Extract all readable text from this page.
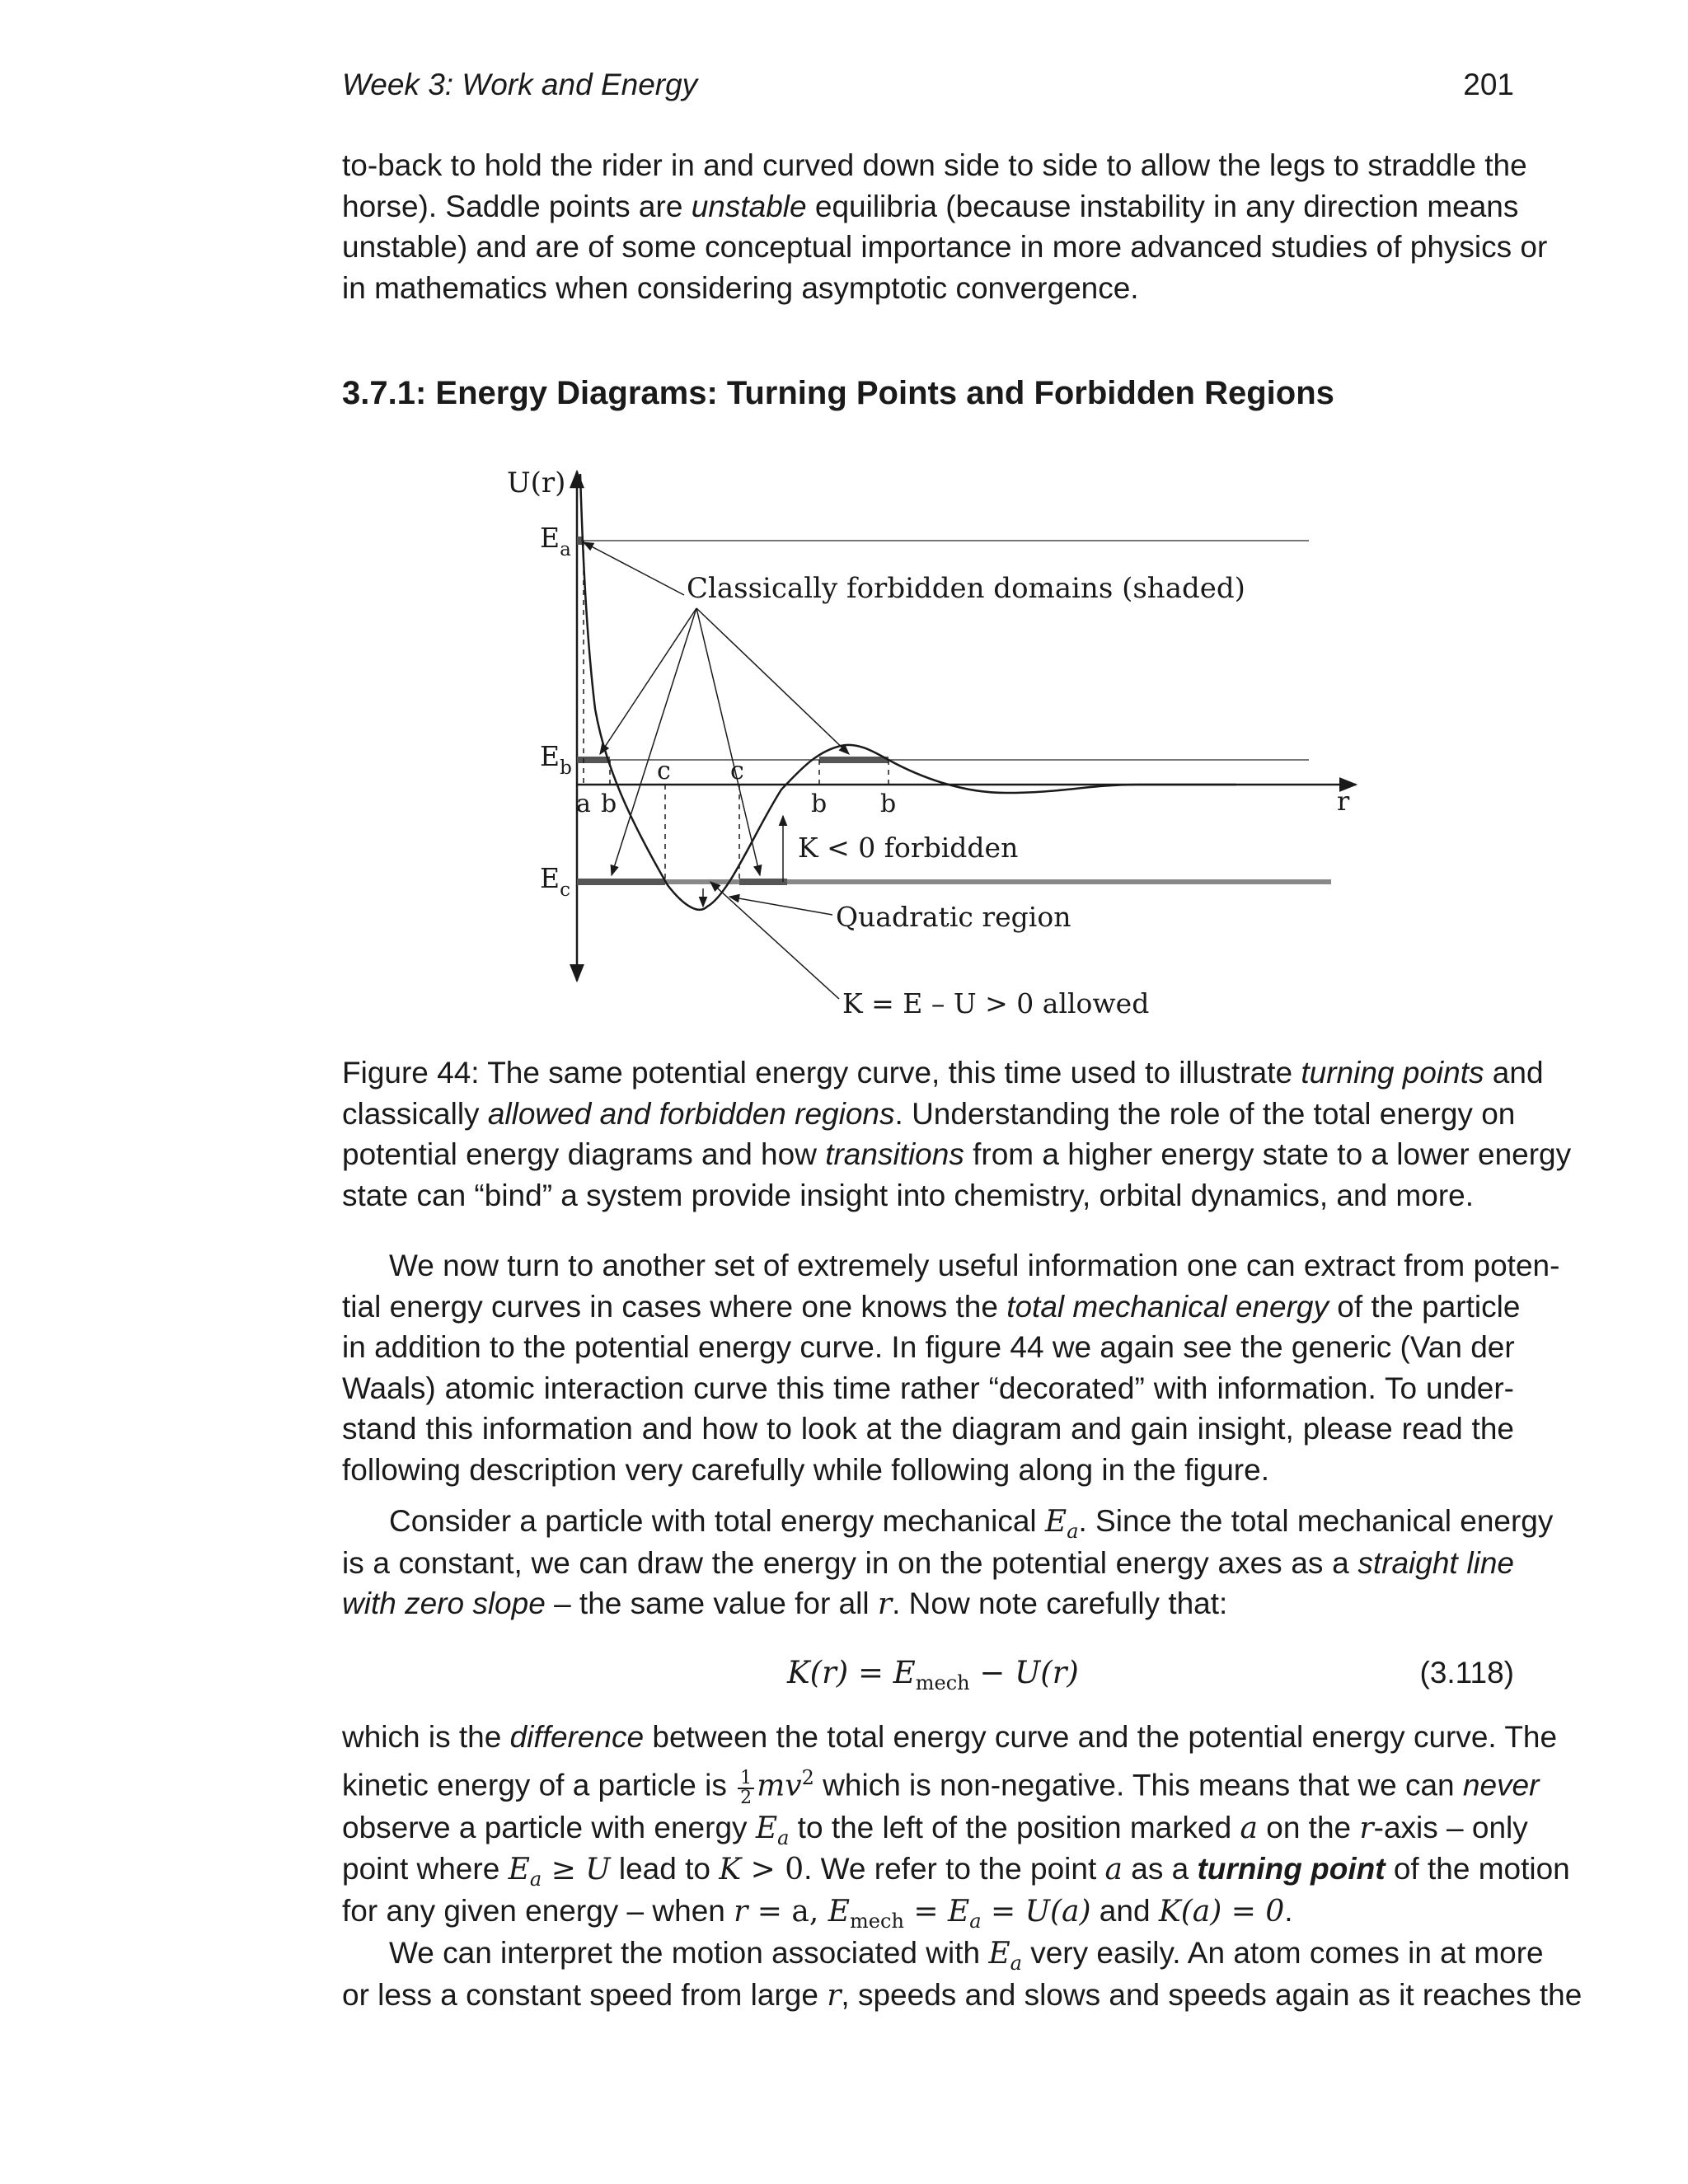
Week 3: Work and Energy	201
to-back to hold the rider in and curved down side to side to allow the legs to straddle the
horse). Saddle points are unstable equilibria (because instability in any direction means
unstable) and are of some conceptual importance in more advanced studies of physics or
in mathematics when considering asymptotic convergence.
3.7.1: Energy Diagrams: Turning Points and Forbidden Regions
U(r)
r
$E_a$
$E_b$
$E_c$
a b
c c
b b
Classically forbidden domains (shaded)
K < 0 forbidden
Quadratic region
K = E – U > 0 allowed
Figure 44: The same potential energy curve, this time used to illustrate turning points and
classically allowed and forbidden regions. Understanding the role of the total energy on
potential energy diagrams and how transitions from a higher energy state to a lower energy
state can “bind” a system provide insight into chemistry, orbital dynamics, and more.
We now turn to another set of extremely useful information one can extract from poten-
tial energy curves in cases where one knows the total mechanical energy of the particle
in addition to the potential energy curve. In figure 44 we again see the generic (Van der
Waals) atomic interaction curve this time rather “decorated” with information. To under-
stand this information and how to look at the diagram and gain insight, please read the
following description very carefully while following along in the figure.
Consider a particle with total energy mechanical $E_a$. Since the total mechanical energy
is a constant, we can draw the energy in on the potential energy axes as a straight line
with zero slope – the same value for all r. Now note carefully that:
$K(r) = E_{mech} - U(r)$	(3.118)
which is the difference between the total energy curve and the potential energy curve. The
kinetic energy of a particle is $\frac{1}{2} mv^2$ which is non-negative. This means that we can never
observe a particle with energy $E_a$ to the left of the position marked a on the r-axis – only
point where $E_a \ge U$ lead to K > 0. We refer to the point a as a turning point of the motion
for any given energy – when r = a, $E_{mech} = E_a = U(a)$ and K(a) = 0.
We can interpret the motion associated with $E_a$ very easily. An atom comes in at more
or less a constant speed from large r, speeds and slows and speeds again as it reaches the
